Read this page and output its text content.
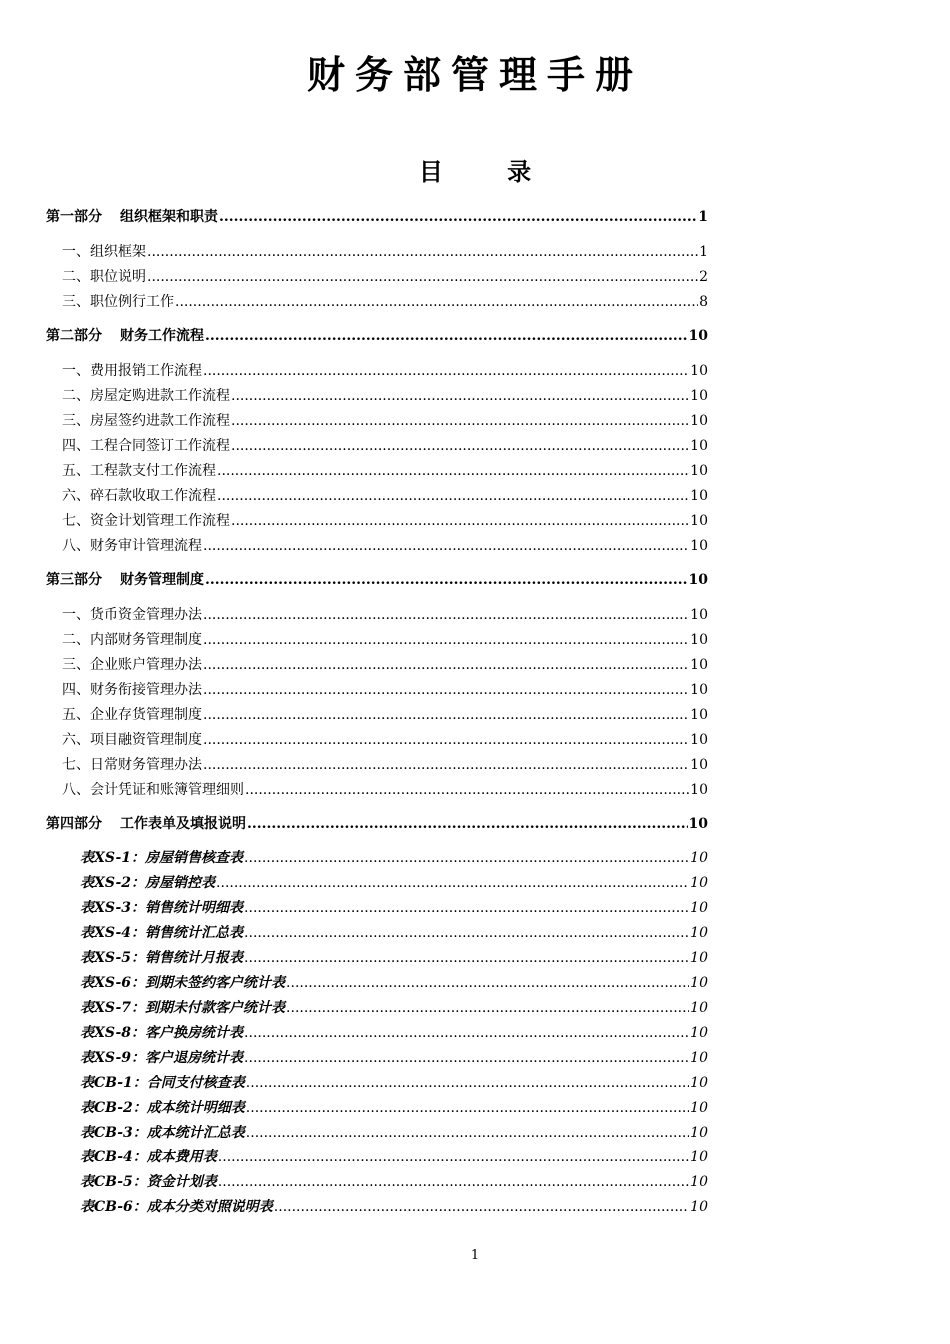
财务部管理手册
目 录
第一部分 组织框架和职责 .....	1
一、组织框架 .....	1
二、职位说明 .....	2
三、职位例行工作 .....	8
第二部分 财务工作流程 .....	10
一、费用报销工作流程 .....	10
二、房屋定购进款工作流程 .....	10
三、房屋签约进款工作流程 .....	10
四、工程合同签订工作流程 .....	10
五、工程款支付工作流程 .....	10
六、碎石款收取工作流程 .....	10
七、资金计划管理工作流程 .....	10
八、财务审计管理流程 .....	10
第三部分 财务管理制度 .....	10
一、货币资金管理办法 .....	10
二、内部财务管理制度 .....	10
三、企业账户管理办法 .....	10
四、财务衔接管理办法 .....	10
五、企业存货管理制度 .....	10
六、项目融资管理制度 .....	10
七、日常财务管理办法 .....	10
八、会计凭证和账簿管理细则 .....	10
第四部分 工作表单及填报说明 .....	10
表XS-1：房屋销售核查表 .....	10
表XS-2：房屋销控表 .....	10
表XS-3：销售统计明细表 .....	10
表XS-4：销售统计汇总表 .....	10
表XS-5：销售统计月报表 .....	10
表XS-6：到期未签约客户统计表 .....	10
表XS-7：到期未付款客户统计表 .....	10
表XS-8：客户换房统计表 .....	10
表XS-9：客户退房统计表 .....	10
表CB-1：合同支付核查表 .....	10
表CB-2：成本统计明细表 .....	10
表CB-3：成本统计汇总表 .....	10
表CB-4：成本费用表 .....	10
表CB-5：资金计划表 .....	10
表CB-6：成本分类对照说明表 .....	10
1
